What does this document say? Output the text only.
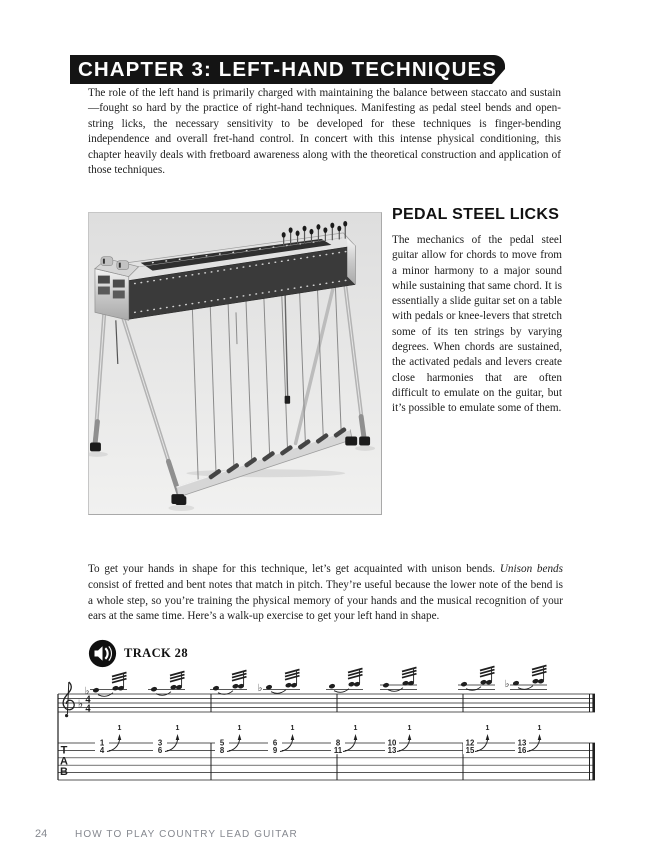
CHAPTER 3: LEFT-HAND TECHNIQUES

The role of the left hand is primarily charged with maintaining the balance between staccato and sustain—fought so hard by the practice of right-hand techniques. Manifesting as pedal steel bends and open-string licks, the necessary sensitivity to be developed for these techniques is finger-bending independence and overall fret-hand control. In concert with this intense physical conditioning, this chapter heavily deals with fretboard awareness along with the theoretical construction and application of those techniques.

PEDAL STEEL LICKS

The mechanics of the pedal steel guitar allow for chords to move from a minor harmony to a major sound while sustaining that same chord. It is essentially a slide guitar set on a table with pedals or knee-levers that stretch some of its ten strings by varying degrees. When chords are sustained, the activated pedals and levers create close harmonies that are often difficult to emulate on the guitar, but it’s possible to emulate some of them.

To get your hands in shape for this technique, let’s get acquainted with unison bends. Unison bends consist of fretted and bent notes that match in pitch. They’re useful because the lower note of the bend is a whole step, so you’re training the physical memory of your hands and the musical recognition of your ears at the same time. Here’s a walk-up exercise to get your left hand in shape.

TRACK 28
♭ 4
4
T
A
B
♭
1
4
1
3
6
1
5
8
1
♭
6
9
1
8
11
1
10
13
1
12
15
1
♭
13
16
1
24	HOW TO PLAY COUNTRY LEAD GUITAR
